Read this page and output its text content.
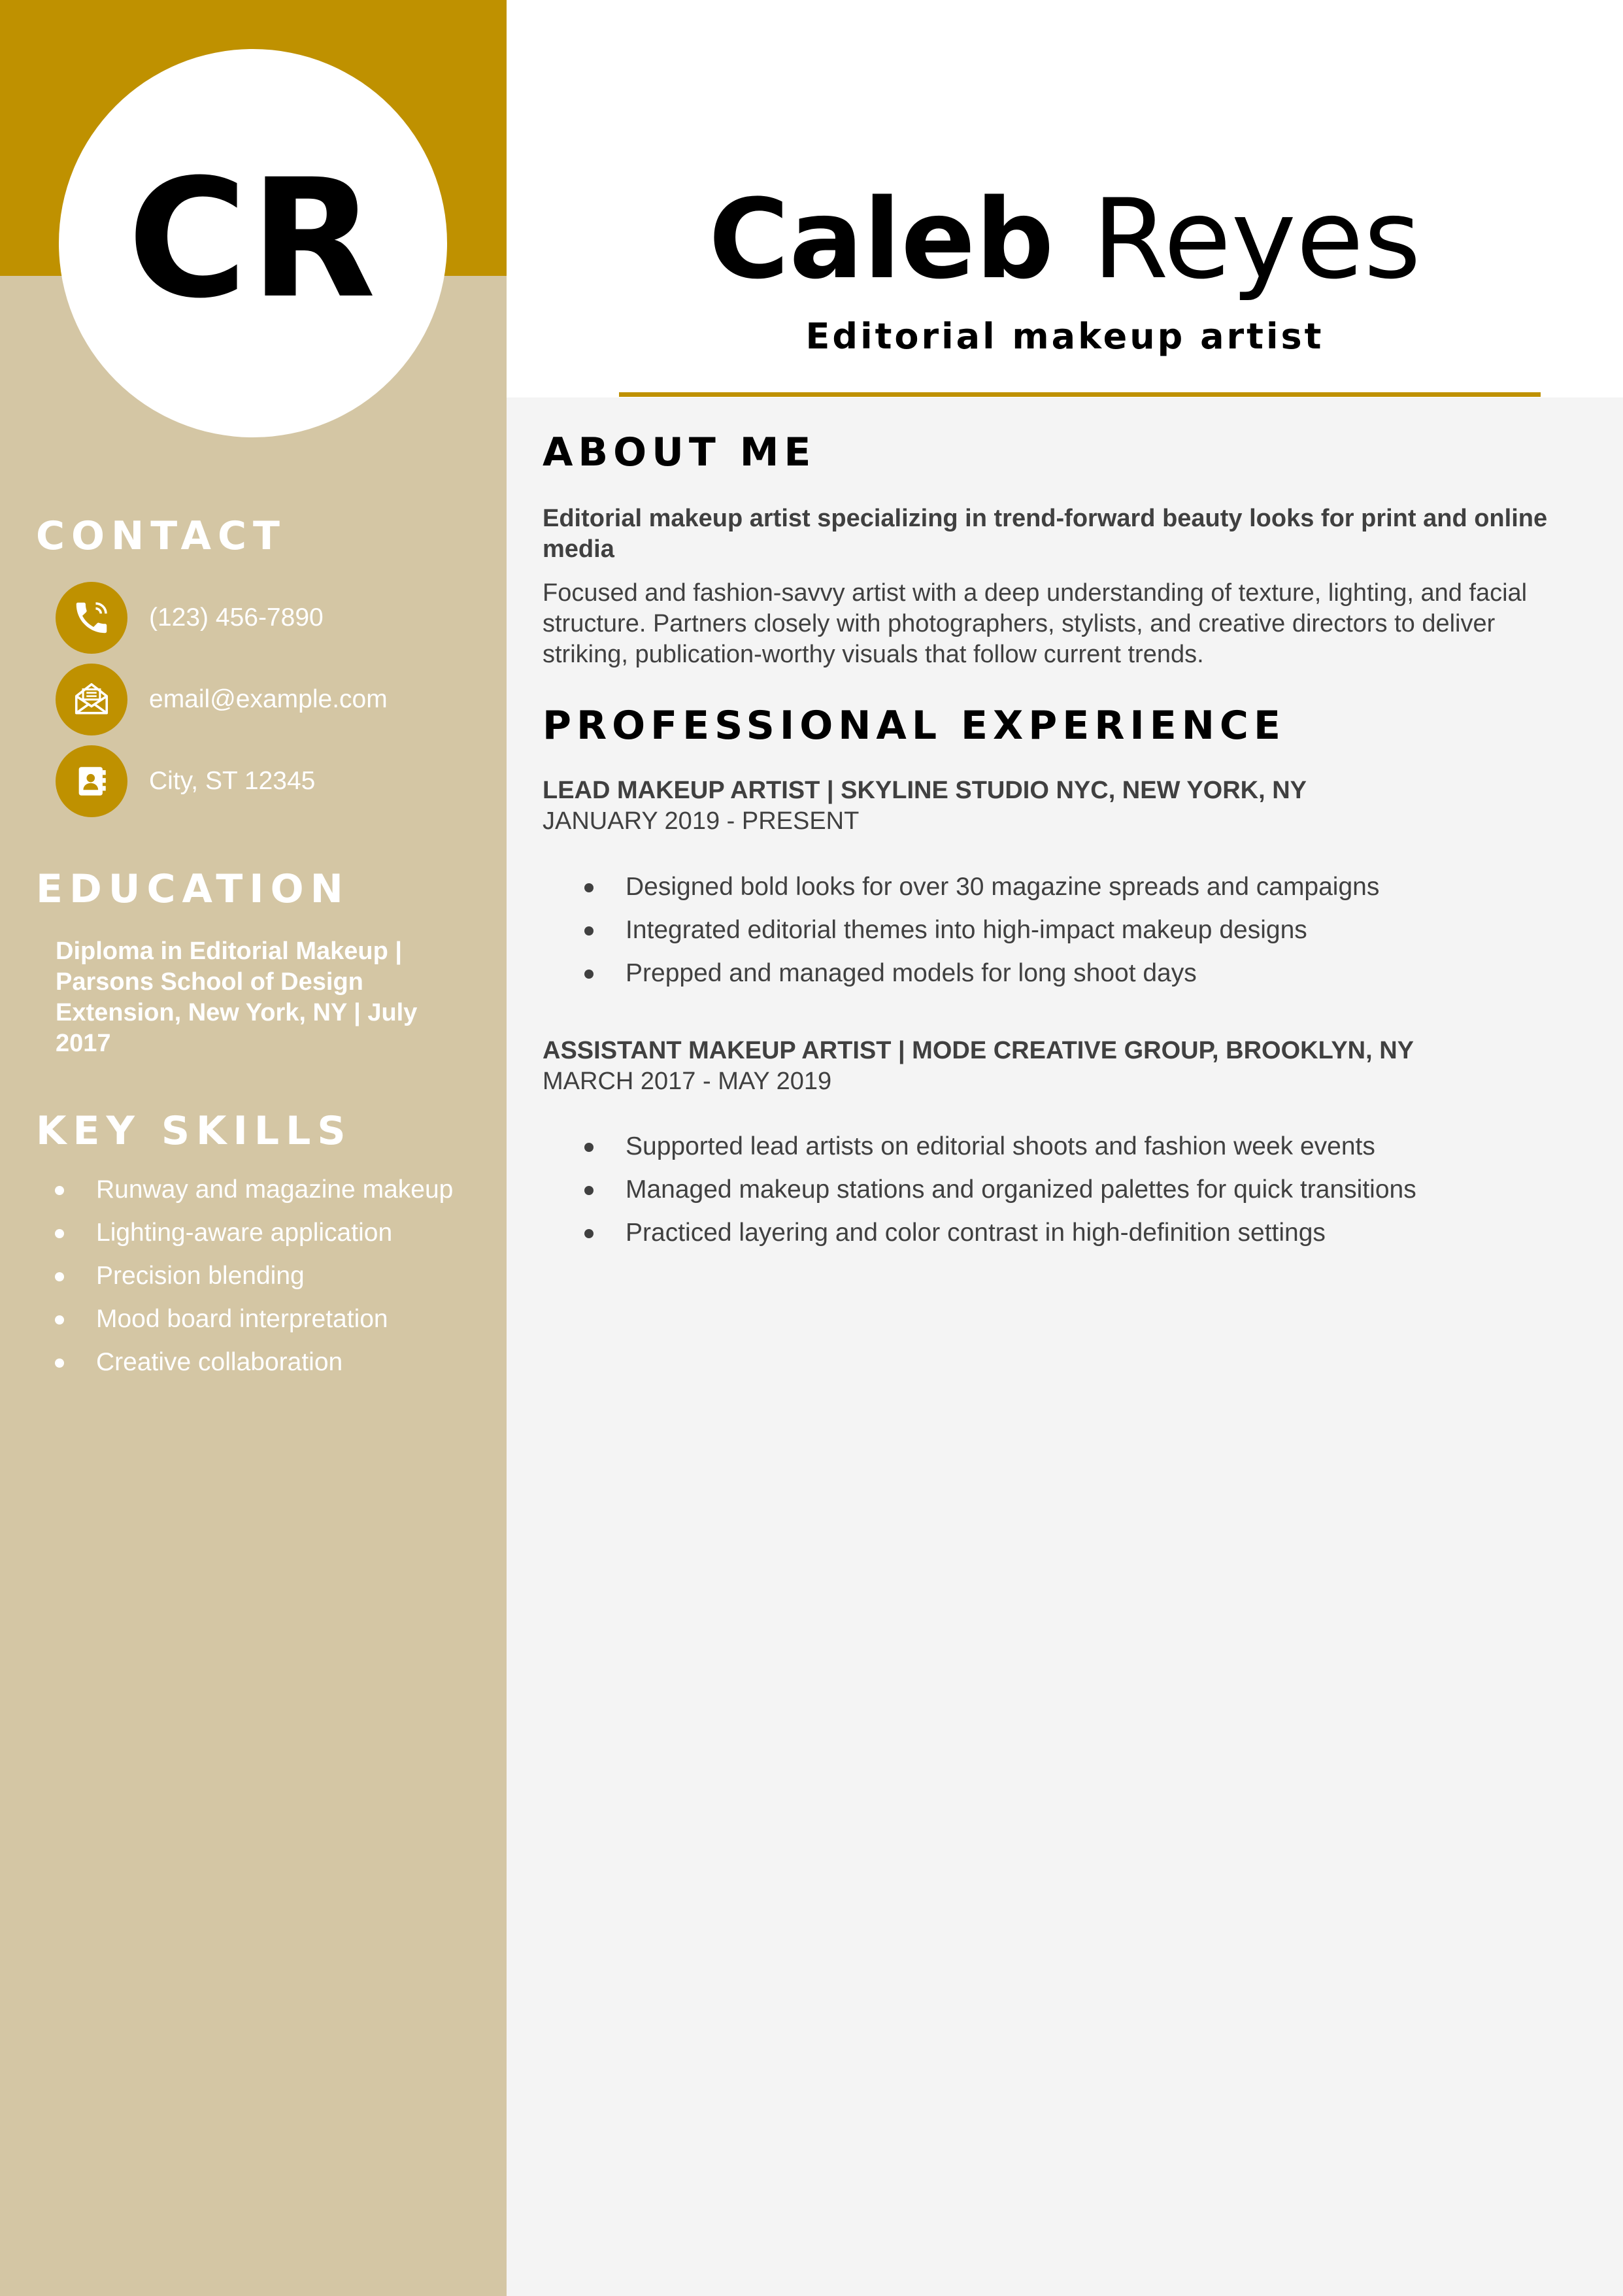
CR
CONTACT
(123) 456-7890
email@example.com
City, ST 12345
EDUCATION

Diploma in Editorial Makeup | Parsons School of Design Extension, New York, NY | July 2017

KEY SKILLS
Runway and magazine makeup
Lighting-aware application
Precision blending
Mood board interpretation
Creative collaboration
Caleb Reyes
Editorial makeup artist
ABOUT ME

Editorial makeup artist specializing in trend-forward beauty looks for print and online media

Focused and fashion-savvy artist with a deep understanding of texture, lighting, and facial structure. Partners closely with photographers, stylists, and creative directors to deliver striking, publication-worthy visuals that follow current trends.

PROFESSIONAL EXPERIENCE
LEAD MAKEUP ARTIST | SKYLINE STUDIO NYC, NEW YORK, NY
JANUARY 2019 - PRESENT
Designed bold looks for over 30 magazine spreads and campaigns
Integrated editorial themes into high-impact makeup designs
Prepped and managed models for long shoot days
ASSISTANT MAKEUP ARTIST | MODE CREATIVE GROUP, BROOKLYN, NY
MARCH 2017 - MAY 2019
Supported lead artists on editorial shoots and fashion week events
Managed makeup stations and organized palettes for quick transitions
Practiced layering and color contrast in high-definition settings
